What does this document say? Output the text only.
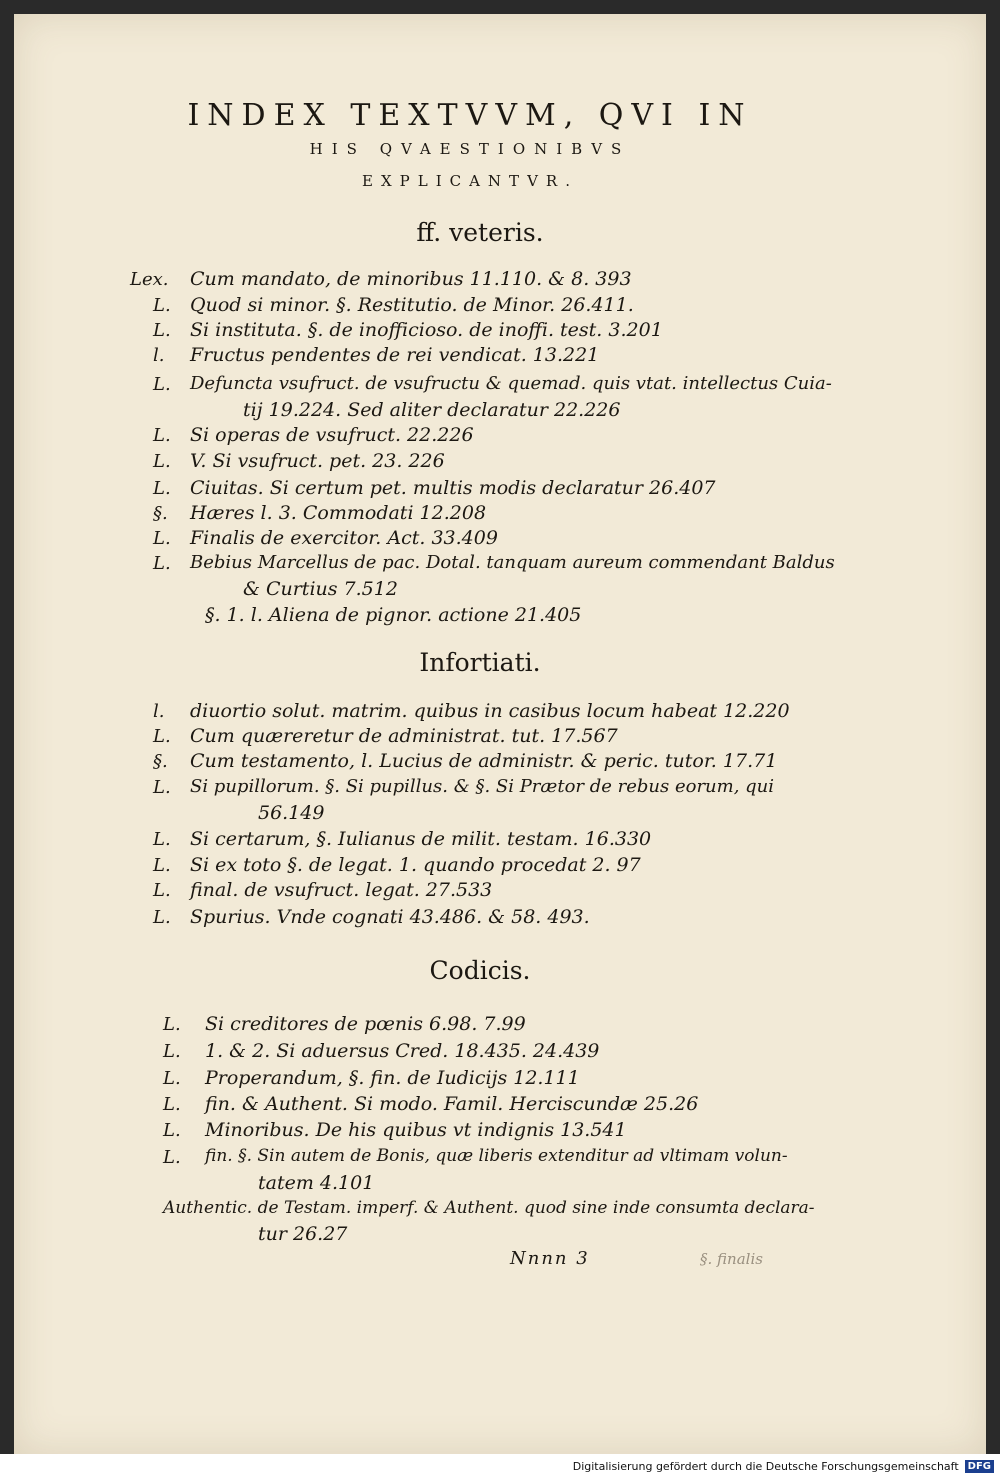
INDEX TEXTVVM, QVI IN
HIS QVAESTIONIBVS
EXPLICANTVR.
ff. veteris.
Lex. Cum mandato, de minoribus 11.110. & 8. 393
L. Quod si minor. §. Restitutio. de Minor. 26.411.
L. Si instituta. §. de inofficioso. de inoffi. test. 3.201
l. Fructus pendentes de rei vendicat. 13.221
L. Defuncta vsufruct. de vsufructu & quemad. quis vtat. intellectus Cuia-
tij 19.224. Sed aliter declaratur 22.226
L. Si operas de vsufruct. 22.226
L. V. Si vsufruct. pet. 23. 226
L. Ciuitas. Si certum pet. multis modis declaratur 26.407
§. Hæres l. 3. Commodati 12.208
L. Finalis de exercitor. Act. 33.409
L. Bebius Marcellus de pac. Dotal. tanquam aureum commendant Baldus
& Curtius 7.512
§. 1. l. Aliena de pignor. actione 21.405
Infortiati.
l. diuortio solut. matrim. quibus in casibus locum habeat 12.220
L. Cum quæreretur de administrat. tut. 17.567
§. Cum testamento, l. Lucius de administr. & peric. tutor. 17.71
L. Si pupillorum. §. Si pupillus. & §. Si Prætor de rebus eorum, qui
56.149
L. Si certarum, §. Iulianus de milit. testam. 16.330
L. Si ex toto §. de legat. 1. quando procedat 2. 97
L. final. de vsufruct. legat. 27.533
L. Spurius. Vnde cognati 43.486. & 58. 493.
Codicis.
L. Si creditores de pœnis 6.98. 7.99
L. 1. & 2. Si aduersus Cred. 18.435. 24.439
L. Properandum, §. fin. de Iudicijs 12.111
L. fin. & Authent. Si modo. Famil. Herciscundæ 25.26
L. Minoribus. De his quibus vt indignis 13.541
L. fin. §. Sin autem de Bonis, quæ liberis extenditur ad vltimam volun-
tatem 4.101
Authentic. de Testam. imperf. & Authent. quod sine inde consumta declara-
tur 26.27
Nnnn 3	§. finalis
Digitalisierung gefördert durch die Deutsche Forschungsgemeinschaft DFG
